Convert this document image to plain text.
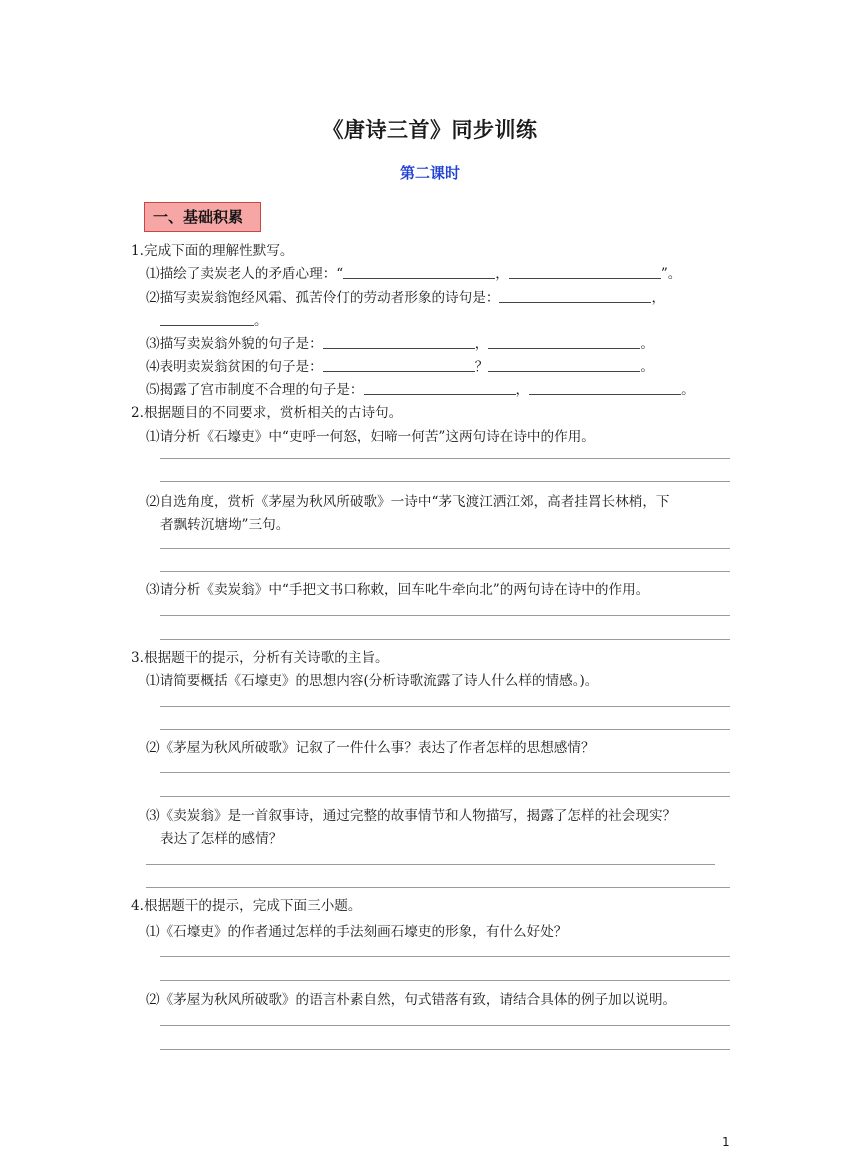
《唐诗三首》同步训练
第二课时
一、基础积累
1.完成下面的理解性默写。
⑴描绘了卖炭老人的矛盾心理：“	，	”。
⑵描写卖炭翁饱经风霜、孤苦伶仃的劳动者形象的诗句是：	，
。
⑶描写卖炭翁外貌的句子是：	，	。
⑷表明卖炭翁贫困的句子是：	？	。
⑸揭露了宫市制度不合理的句子是：	，	。
2.根据题目的不同要求，赏析相关的古诗句。
⑴请分析《石壕吏》中“吏呼一何怒，妇啼一何苦”这两句诗在诗中的作用。
⑵自选角度，赏析《茅屋为秋风所破歌》一诗中“茅飞渡江洒江郊，高者挂罥长林梢，下
者飘转沉塘坳”三句。
⑶请分析《卖炭翁》中“手把文书口称敕，回车叱牛牵向北”的两句诗在诗中的作用。
3.根据题干的提示，分析有关诗歌的主旨。
⑴请简要概括《石壕吏》的思想内容(分析诗歌流露了诗人什么样的情感。)。
⑵《茅屋为秋风所破歌》记叙了一件什么事？表达了作者怎样的思想感情？
⑶《卖炭翁》是一首叙事诗，通过完整的故事情节和人物描写，揭露了怎样的社会现实？
表达了怎样的感情？
4.根据题干的提示，完成下面三小题。
⑴《石壕吏》的作者通过怎样的手法刻画石壕吏的形象，有什么好处？
⑵《茅屋为秋风所破歌》的语言朴素自然，句式错落有致，请结合具体的例子加以说明。
1
